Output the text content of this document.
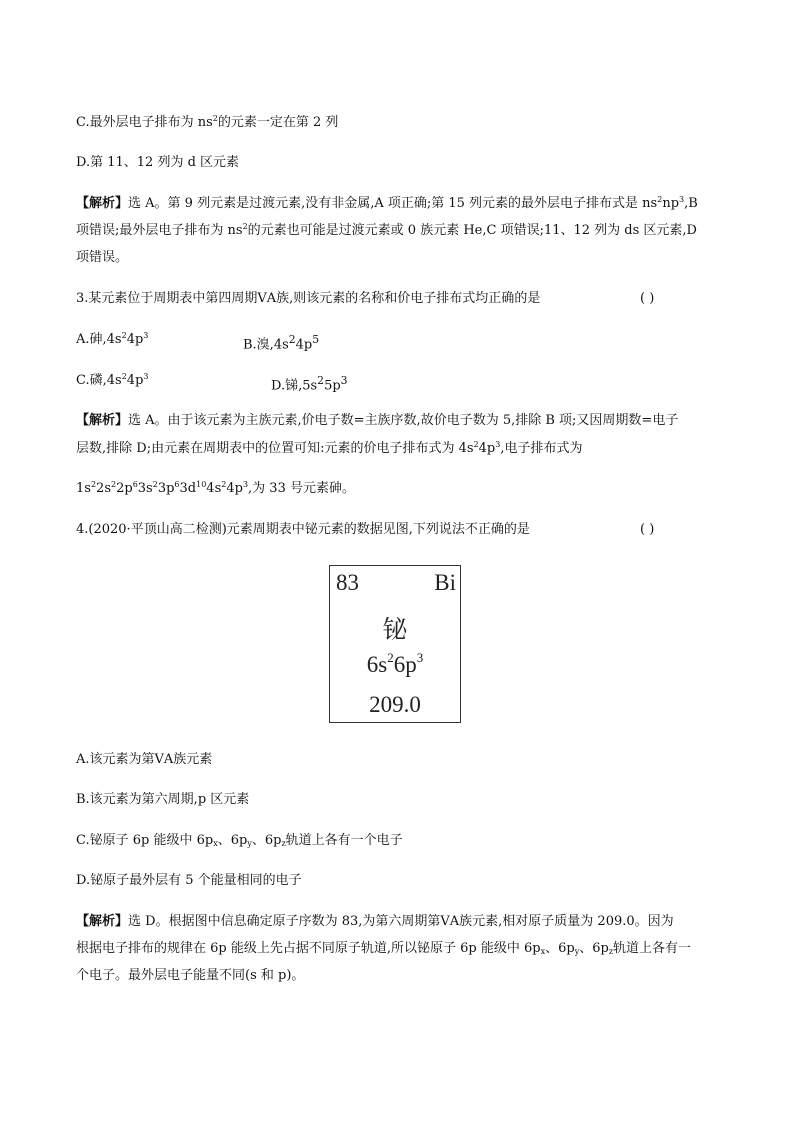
C.最外层电子排布为 $ns^2$的元素一定在第 2 列
D.第 11、12 列为 d 区元素
【解析】选 A。第 9 列元素是过渡元素,没有非金属,A 项正确;第 15 列元素的最外层电子排布式是 $ns^2np^3,B$
项错误;最外层电子排布为 $ns^2$的元素也可能是过渡元素或 0 族元素 He,C 项错误;11、12 列为 ds 区元素,D
项错误。
3.某元素位于周期表中第四周期ⅤA族,则该元素的名称和价电子排布式均正确的是	( )
A.砷$,4s^24p^3$
B.溴$,4s^24p^5$
C.磷$,4s^24p^3$
D.锑$,5s^25p^3$
【解析】选 A。由于该元素为主族元素,价电子数=主族序数,故价电子数为 5,排除 B 项;又因周期数=电子
层数,排除 D;由元素在周期表中的位置可知:元素的价电子排布式为 $4s^24p^3$,电子排布式为
$1s^22s^22p^63s^23p^63d^{10}4s^24p^3$,为 33 号元素砷。
4.(2020·平顶山高二检测)元素周期表中铋元素的数据见图,下列说法不正确的是	( )
83	Bi
铋
$6s^26p^3$
209.0
A.该元素为第ⅤA族元素
B.该元素为第六周期,p 区元素
C.铋原子 6p 能级中 $6p_x$、$6p_y$、$6p_z$轨道上各有一个电子
D.铋原子最外层有 5 个能量相同的电子
【解析】选 D。根据图中信息确定原子序数为 83,为第六周期第ⅤA族元素,相对原子质量为 209.0。因为
根据电子排布的规律在 6p 能级上先占据不同原子轨道,所以铋原子 6p 能级中 $6p_x$、$6p_y$、$6p_z$轨道上各有一
个电子。最外层电子能量不同(s 和 p)。
